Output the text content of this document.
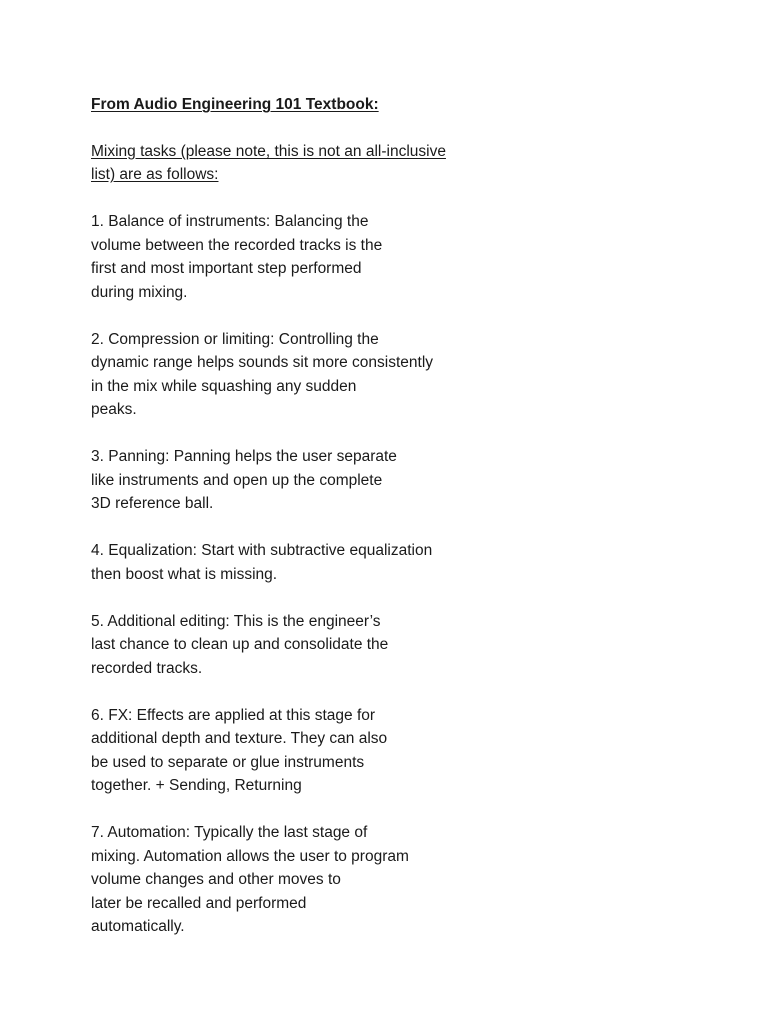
From Audio Engineering 101 Textbook:
Mixing tasks (please note, this is not an all-inclusive
list) are as follows:
1. Balance of instruments: Balancing the
volume between the recorded tracks is the
first and most important step performed
during mixing.
2. Compression or limiting: Controlling the
dynamic range helps sounds sit more consistently
in the mix while squashing any sudden
peaks.
3. Panning: Panning helps the user separate
like instruments and open up the complete
3D reference ball.
4. Equalization: Start with subtractive equalization
then boost what is missing.
5. Additional editing: This is the engineer’s
last chance to clean up and consolidate the
recorded tracks.
6. FX: Effects are applied at this stage for
additional depth and texture. They can also
be used to separate or glue instruments
together. + Sending, Returning
7. Automation: Typically the last stage of
mixing. Automation allows the user to program
volume changes and other moves to
later be recalled and performed
automatically.
